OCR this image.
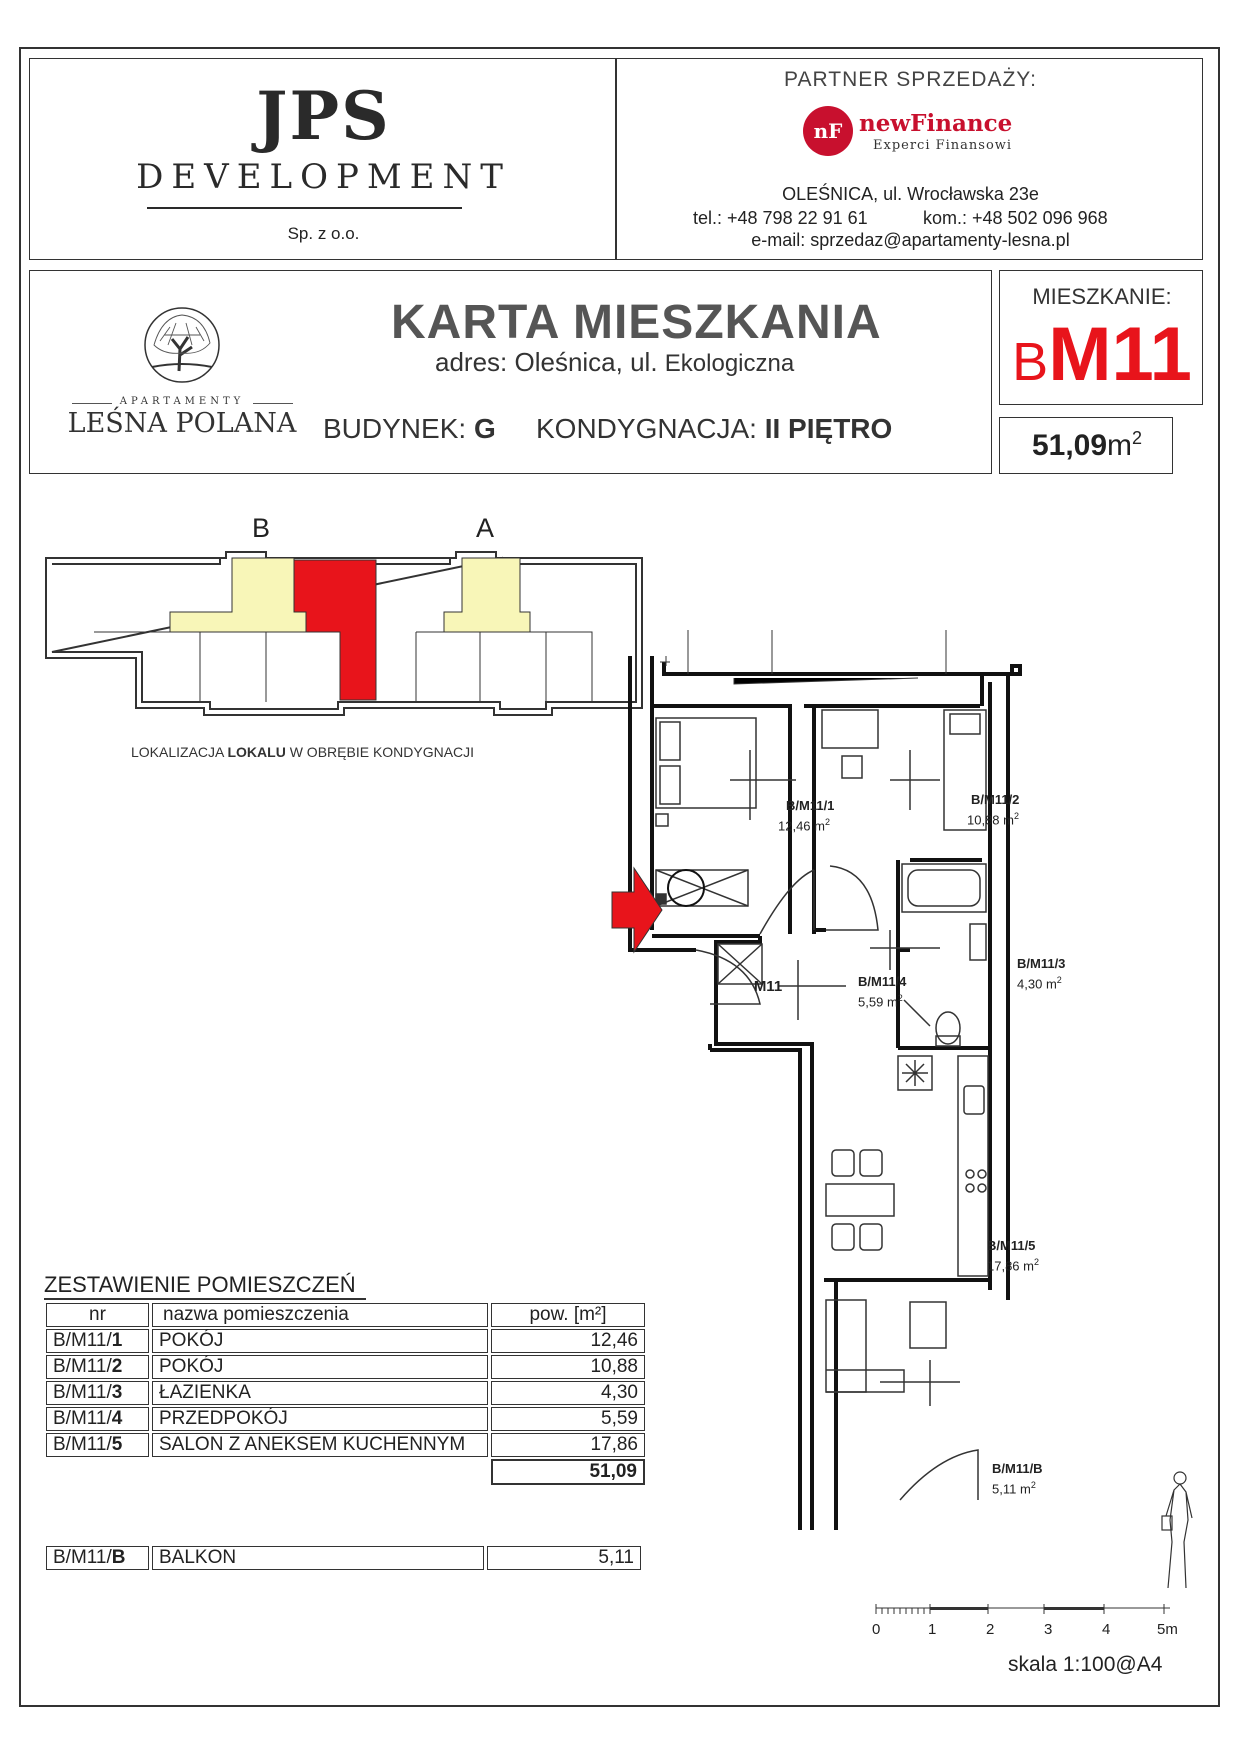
JPS
DEVELOPMENT
Sp. z o.o.
PARTNER SPRZEDAŻY:
nF newFinance
Experci Finansowi
OLEŚNICA, ul. Wrocławska 23e
tel.: +48 798 22 91 61	kom.: +48 502 096 968
e-mail: sprzedaz@apartamenty-lesna.pl
APARTAMENTY
LEŚNA POLANA
KARTA MIESZKANIA
adres: Oleśnica, ul. Ekologiczna
BUDYNEK: G KONDYGNACJA: II PIĘTRO
MIESZKANIE:
BM11
$51,09m^2$
B	A
LOKALIZACJA LOKALU W OBRĘBIE KONDYGNACJI
B/M11/1
12,46 $m^2$
B/M11/2
10,88 $m^2$
B/M11/3
4,30 $m^2$
B/M11/4
5,59 $m^2$
B/M11/5
17,86 $m^2$
B/M11/B
5,11 $m^2$
M11
ZESTAWIENIE POMIESZCZEŃ
nr	nazwa pomieszczenia	pow. [m²]
B/M11/1	POKÓJ	12,46
B/M11/2	POKÓJ	10,88
B/M11/3	ŁAZIENKA	4,30
B/M11/4	PRZEDPOKÓJ	5,59
B/M11/5	SALON Z ANEKSEM KUCHENNYM	17,86
		51,09
B/M11/B	BALKON	5,11
0	1	2	3	4	5m
skala 1:100@A4
